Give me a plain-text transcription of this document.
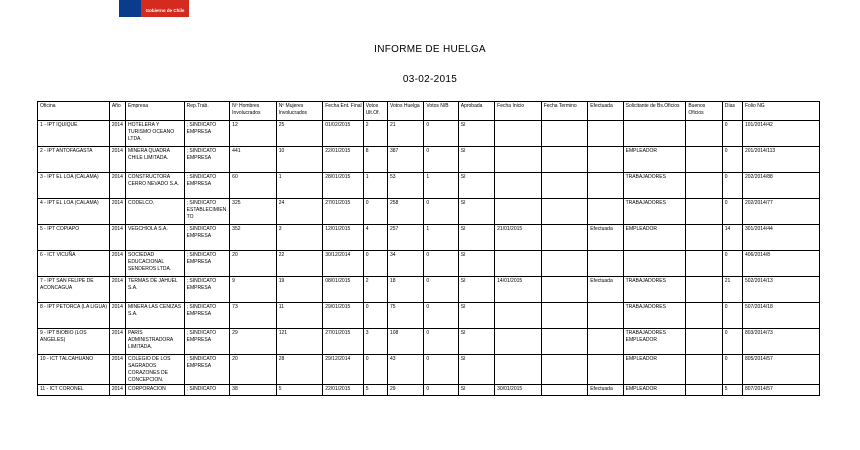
Gobierno de Chile
INFORME DE HUELGA
03-02-2015
Oficina	Año	Empresa	Rep.Trab.	Nº Hombres Involucrados	Nº Mujeres Involucrados	Fecha Ent. Final	Votos Ult.Of.	Votos Huelga	Votos N/B	Aprobada	Fecha Inicio	Fecha Termino	Efectuada	Solicitante de Bs.Oficios	Buenos Oficios	Días	Folio NG
1 - IPT IQUIQUE	2014	HOTELERA Y TURISMO OCEANO LTDA.	; SINDICATO EMPRESA	12	25	01/02/2015	2	21	0	SI						0	101/2014/42
2 - IPT ANTOFAGASTA	2014	MINERA QUADRA CHILE LIMITADA.	; SINDICATO EMPRESA	441	10	22/01/2015	8	387	0	SI				EMPLEADOR		0	201/2014/113
3 - IPT EL LOA (CALAMA)	2014	CONSTRUCTORA CERRO NEVADO S.A.	; SINDICATO EMPRESA	60	1	28/01/2015	1	53	1	SI				TRABAJADORES		0	202/2014/88
4 - IPT EL LOA (CALAMA)	2014	CODELCO.	; SINDICATO ESTABLECIMIENTO	325	24	27/01/2015	0	258	0	SI				TRABAJADORES		0	202/2014/77
5 - IPT COPIAPO	2014	VEGCHIOLA S.A.	; SINDICATO EMPRESA	352	3	12/01/2015	4	257	1	SI	21/01/2015		Efectuada	EMPLEADOR		14	301/2014/44
6 - ICT VICUÑA	2014	SOCIEDAD EDUCACIONAL SENDEROS LTDA.	; SINDICATO EMPRESA	20	22	30/12/2014	0	34	0	SI						0	406/2014/8
7 - IPT SAN FELIPE DE ACONCAGUA	2014	TERMAS DE JAHUEL S.A.	; SINDICATO EMPRESA	9	19	08/01/2015	2	18	0	SI	14/01/2015		Efectuada	TRABAJADORES		21	502/2014/13
8 - IPT PETORCA (LA LIGUA)	2014	MINERA LAS CENIZAS S.A.	; SINDICATO EMPRESA	73	11	29/01/2015	0	75	0	SI				TRABAJADORES		0	507/2014/18
9 - IPT BIOBIO (LOS ANGELES)	2014	PARIS ADMINISTRADORA LIMITADA.	; SINDICATO EMPRESA	29	121	27/01/2015	3	108	0	SI				TRABAJADORES EMPLEADOR		0	803/2014/73
10 - ICT TALCAHUANO	2014	COLEGIO DE LOS SAGRADOS CORAZONES DE CONCEPCION.	; SINDICATO EMPRESA	20	28	29/12/2014	0	43	0	SI				EMPLEADOR		0	805/2014/57
11 - ICT CORONEL	2014	CORPORACION	; SINDICATO	38	5	22/01/2015	5	29	0	SI	30/01/2015		Efectuada	EMPLEADOR		5	807/2014/57
